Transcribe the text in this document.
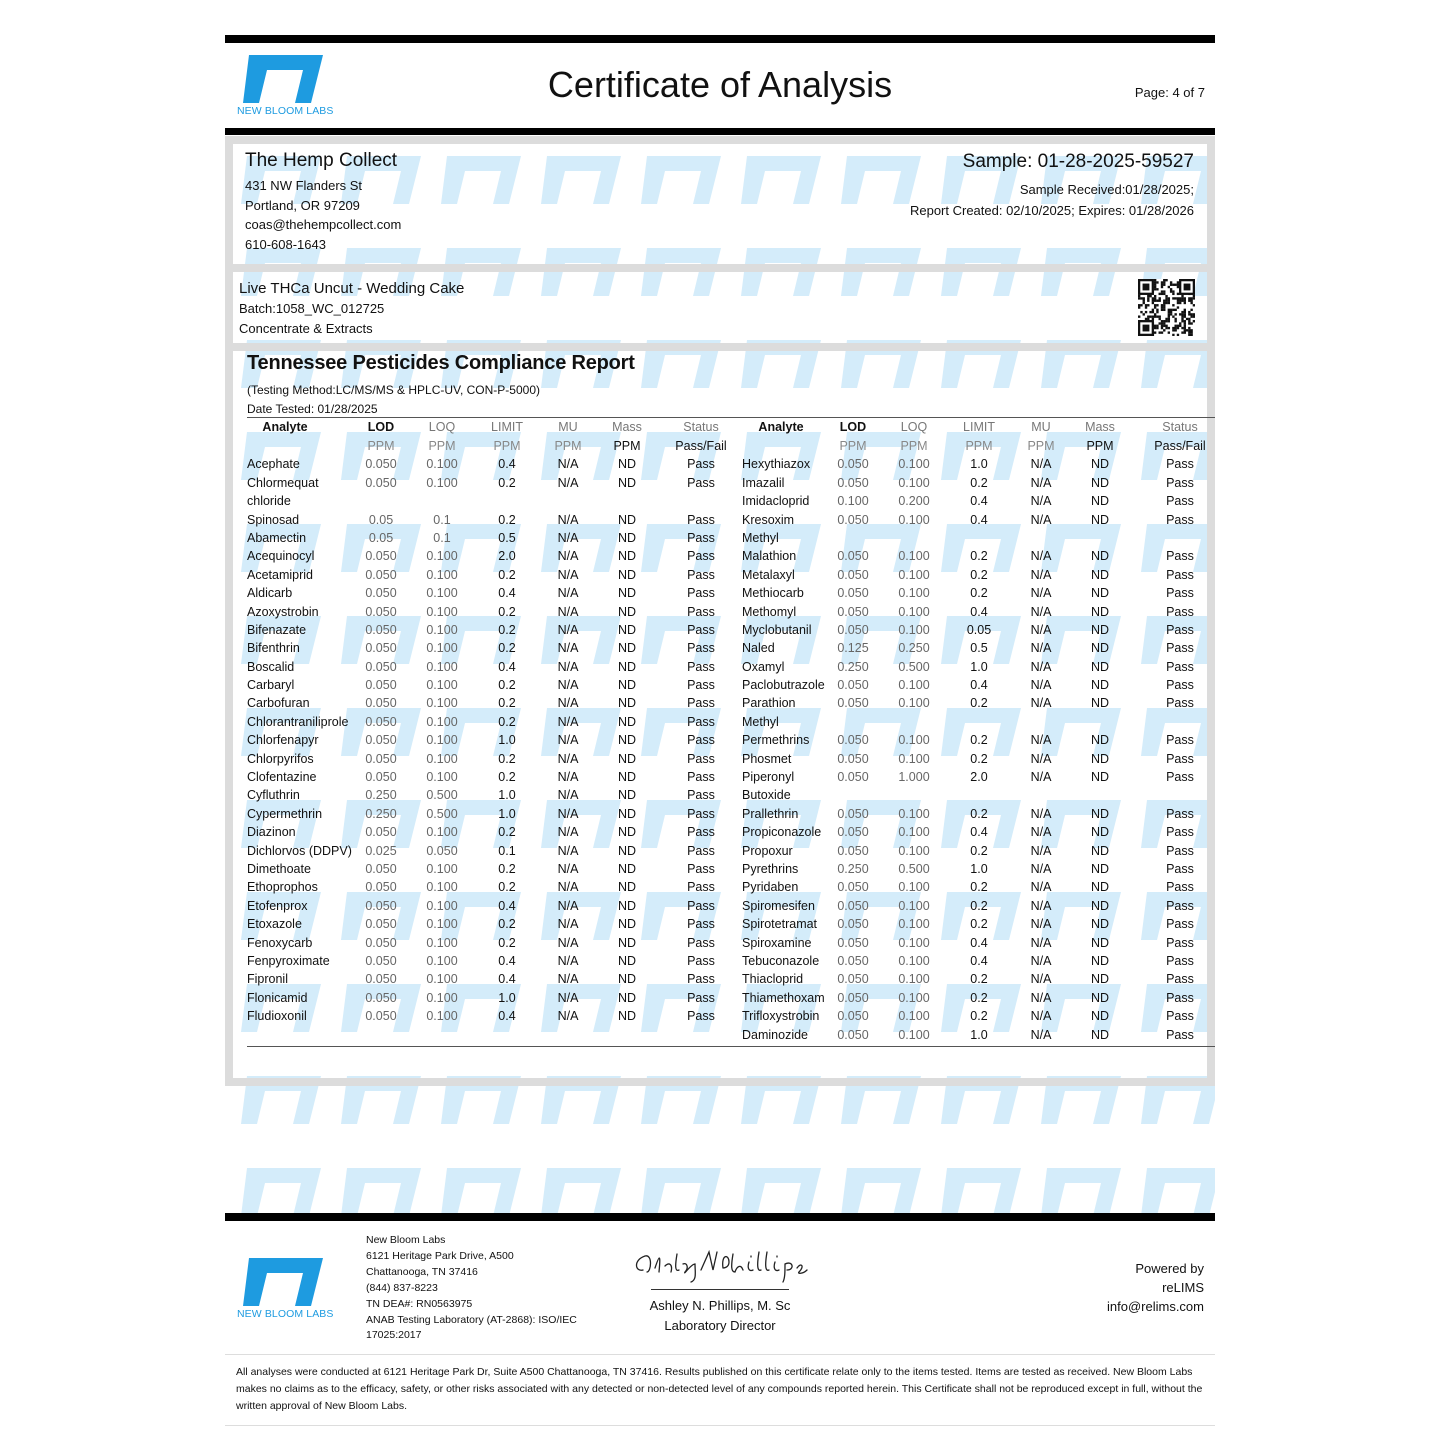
NEW BLOOM LABS
Certificate of Analysis	Page: 4 of 7
The Hemp Collect
431 NW Flanders St
Portland, OR 97209
coas@thehempcollect.com
610-608-1643
Sample: 01-28-2025-59527
Sample Received:01/28/2025;
Report Created: 02/10/2025; Expires: 01/28/2026
Live THCa Uncut - Wedding Cake
Batch:1058_WC_012725
Concentrate & Extracts
Tennessee Pesticides Compliance Report
(Testing Method:LC/MS/MS & HPLC-UV, CON-P-5000)
Date Tested: 01/28/2025
Analyte	LOD	LOQ	LIMIT	MU	Mass	Status
PPM	PPM	PPM	PPM	PPM	Pass/Fail
Acephate	0.050	0.100	0.4	N/A	ND	Pass
Chlormequat	0.050	0.100	0.2	N/A	ND	Pass
chloride
Spinosad	0.05	0.1	0.2	N/A	ND	Pass
Abamectin	0.05	0.1	0.5	N/A	ND	Pass
Acequinocyl	0.050	0.100	2.0	N/A	ND	Pass
Acetamiprid	0.050	0.100	0.2	N/A	ND	Pass
Aldicarb	0.050	0.100	0.4	N/A	ND	Pass
Azoxystrobin	0.050	0.100	0.2	N/A	ND	Pass
Bifenazate	0.050	0.100	0.2	N/A	ND	Pass
Bifenthrin	0.050	0.100	0.2	N/A	ND	Pass
Boscalid	0.050	0.100	0.4	N/A	ND	Pass
Carbaryl	0.050	0.100	0.2	N/A	ND	Pass
Carbofuran	0.050	0.100	0.2	N/A	ND	Pass
Chlorantraniliprole	0.050	0.100	0.2	N/A	ND	Pass
Chlorfenapyr	0.050	0.100	1.0	N/A	ND	Pass
Chlorpyrifos	0.050	0.100	0.2	N/A	ND	Pass
Clofentazine	0.050	0.100	0.2	N/A	ND	Pass
Cyfluthrin	0.250	0.500	1.0	N/A	ND	Pass
Cypermethrin	0.250	0.500	1.0	N/A	ND	Pass
Diazinon	0.050	0.100	0.2	N/A	ND	Pass
Dichlorvos (DDPV)	0.025	0.050	0.1	N/A	ND	Pass
Dimethoate	0.050	0.100	0.2	N/A	ND	Pass
Ethoprophos	0.050	0.100	0.2	N/A	ND	Pass
Etofenprox	0.050	0.100	0.4	N/A	ND	Pass
Etoxazole	0.050	0.100	0.2	N/A	ND	Pass
Fenoxycarb	0.050	0.100	0.2	N/A	ND	Pass
Fenpyroximate	0.050	0.100	0.4	N/A	ND	Pass
Fipronil	0.050	0.100	0.4	N/A	ND	Pass
Flonicamid	0.050	0.100	1.0	N/A	ND	Pass
Fludioxonil	0.050	0.100	0.4	N/A	ND	Pass
Analyte	LOD	LOQ	LIMIT	MU	Mass	Status
PPM	PPM	PPM	PPM	PPM	Pass/Fail
Hexythiazox	0.050	0.100	1.0	N/A	ND	Pass
Imazalil	0.050	0.100	0.2	N/A	ND	Pass
Imidacloprid	0.100	0.200	0.4	N/A	ND	Pass
Kresoxim	0.050	0.100	0.4	N/A	ND	Pass
Methyl
Malathion	0.050	0.100	0.2	N/A	ND	Pass
Metalaxyl	0.050	0.100	0.2	N/A	ND	Pass
Methiocarb	0.050	0.100	0.2	N/A	ND	Pass
Methomyl	0.050	0.100	0.4	N/A	ND	Pass
Myclobutanil	0.050	0.100	0.05	N/A	ND	Pass
Naled	0.125	0.250	0.5	N/A	ND	Pass
Oxamyl	0.250	0.500	1.0	N/A	ND	Pass
Paclobutrazole	0.050	0.100	0.4	N/A	ND	Pass
Parathion	0.050	0.100	0.2	N/A	ND	Pass
Methyl
Permethrins	0.050	0.100	0.2	N/A	ND	Pass
Phosmet	0.050	0.100	0.2	N/A	ND	Pass
Piperonyl	0.050	1.000	2.0	N/A	ND	Pass
Butoxide
Prallethrin	0.050	0.100	0.2	N/A	ND	Pass
Propiconazole	0.050	0.100	0.4	N/A	ND	Pass
Propoxur	0.050	0.100	0.2	N/A	ND	Pass
Pyrethrins	0.250	0.500	1.0	N/A	ND	Pass
Pyridaben	0.050	0.100	0.2	N/A	ND	Pass
Spiromesifen	0.050	0.100	0.2	N/A	ND	Pass
Spirotetramat	0.050	0.100	0.2	N/A	ND	Pass
Spiroxamine	0.050	0.100	0.4	N/A	ND	Pass
Tebuconazole	0.050	0.100	0.4	N/A	ND	Pass
Thiacloprid	0.050	0.100	0.2	N/A	ND	Pass
Thiamethoxam	0.050	0.100	0.2	N/A	ND	Pass
Trifloxystrobin	0.050	0.100	0.2	N/A	ND	Pass
Daminozide	0.050	0.100	1.0	N/A	ND	Pass
NEW BLOOM LABS
New Bloom Labs
6121 Heritage Park Drive, A500
Chattanooga, TN 37416
(844) 837-8223
TN DEA#: RN0563975
ANAB Testing Laboratory (AT-2868): ISO/IEC
17025:2017
Ashley N. Phillips, M. Sc
Laboratory Director
Powered by
reLIMS
info@relims.com
All analyses were conducted at 6121 Heritage Park Dr, Suite A500 Chattanooga, TN 37416. Results published on this certificate relate only to the items tested. Items are tested as received. New Bloom Labs makes no claims as to the efficacy, safety, or other risks associated with any detected or non-detected level of any compounds reported herein. This Certificate shall not be reproduced except in full, without the written approval of New Bloom Labs.
